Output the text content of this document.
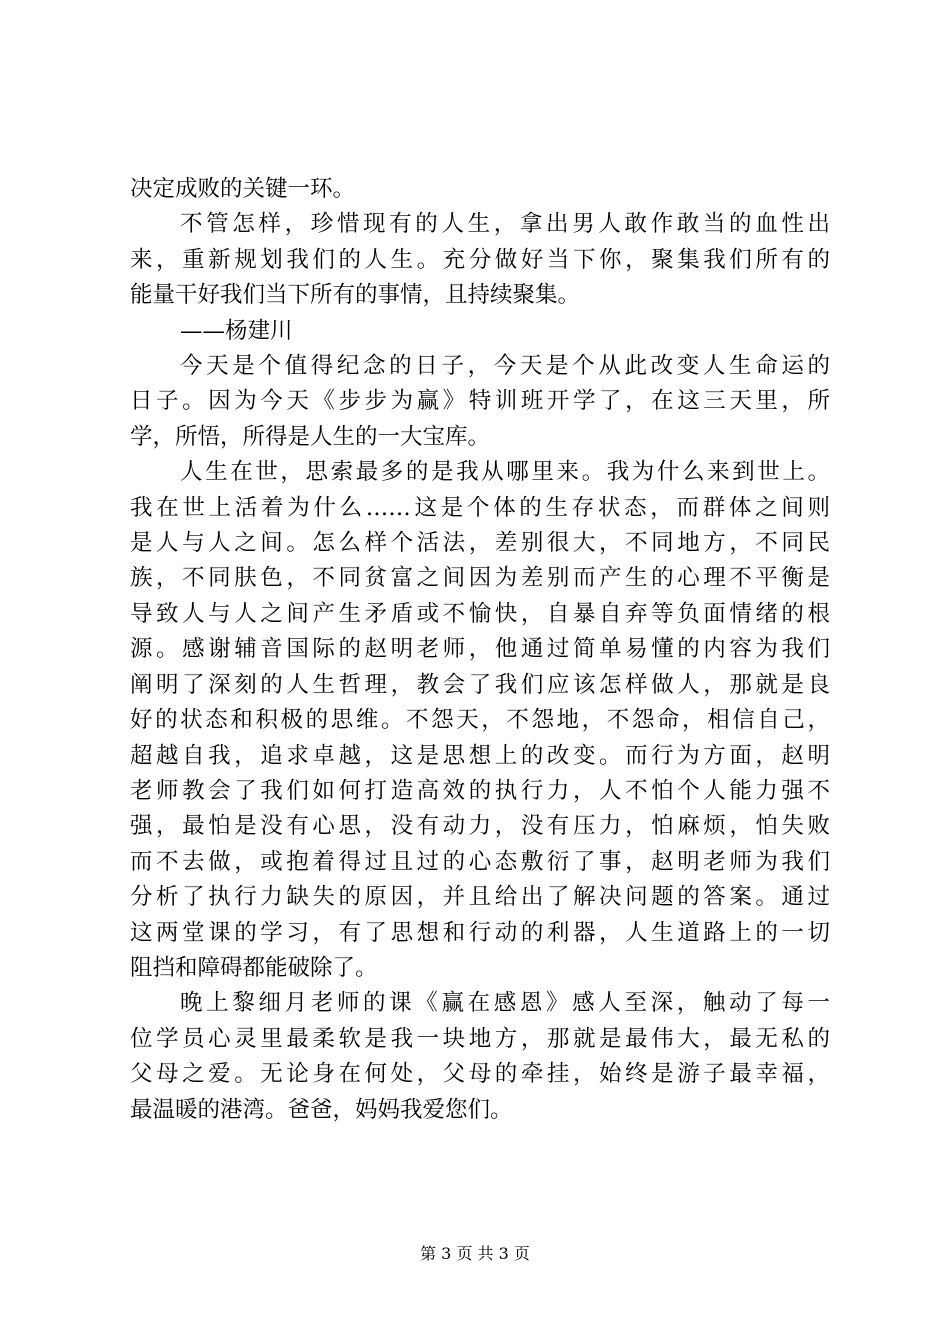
决定成败的关键一环。
不管怎样，珍惜现有的人生，拿出男人敢作敢当的血性出
来，重新规划我们的人生。充分做好当下你，聚集我们所有的
能量干好我们当下所有的事情，且持续聚集。
——杨建川
今天是个值得纪念的日子，今天是个从此改变人生命运的
日子。因为今天《步步为赢》特训班开学了，在这三天里，所
学，所悟，所得是人生的一大宝库。
人生在世，思索最多的是我从哪里来。我为什么来到世上。
我在世上活着为什么……这是个体的生存状态，而群体之间则
是人与人之间。怎么样个活法，差别很大，不同地方，不同民
族，不同肤色，不同贫富之间因为差别而产生的心理不平衡是
导致人与人之间产生矛盾或不愉快，自暴自弃等负面情绪的根
源。感谢辅音国际的赵明老师，他通过简单易懂的内容为我们
阐明了深刻的人生哲理，教会了我们应该怎样做人，那就是良
好的状态和积极的思维。不怨天，不怨地，不怨命，相信自己，
超越自我，追求卓越，这是思想上的改变。而行为方面，赵明
老师教会了我们如何打造高效的执行力，人不怕个人能力强不
强，最怕是没有心思，没有动力，没有压力，怕麻烦，怕失败
而不去做，或抱着得过且过的心态敷衍了事，赵明老师为我们
分析了执行力缺失的原因，并且给出了解决问题的答案。通过
这两堂课的学习，有了思想和行动的利器，人生道路上的一切
阻挡和障碍都能破除了。
晚上黎细月老师的课《赢在感恩》感人至深，触动了每一
位学员心灵里最柔软是我一块地方，那就是最伟大，最无私的
父母之爱。无论身在何处，父母的牵挂，始终是游子最幸福，
最温暖的港湾。爸爸，妈妈我爱您们。
第 3 页 共 3 页
